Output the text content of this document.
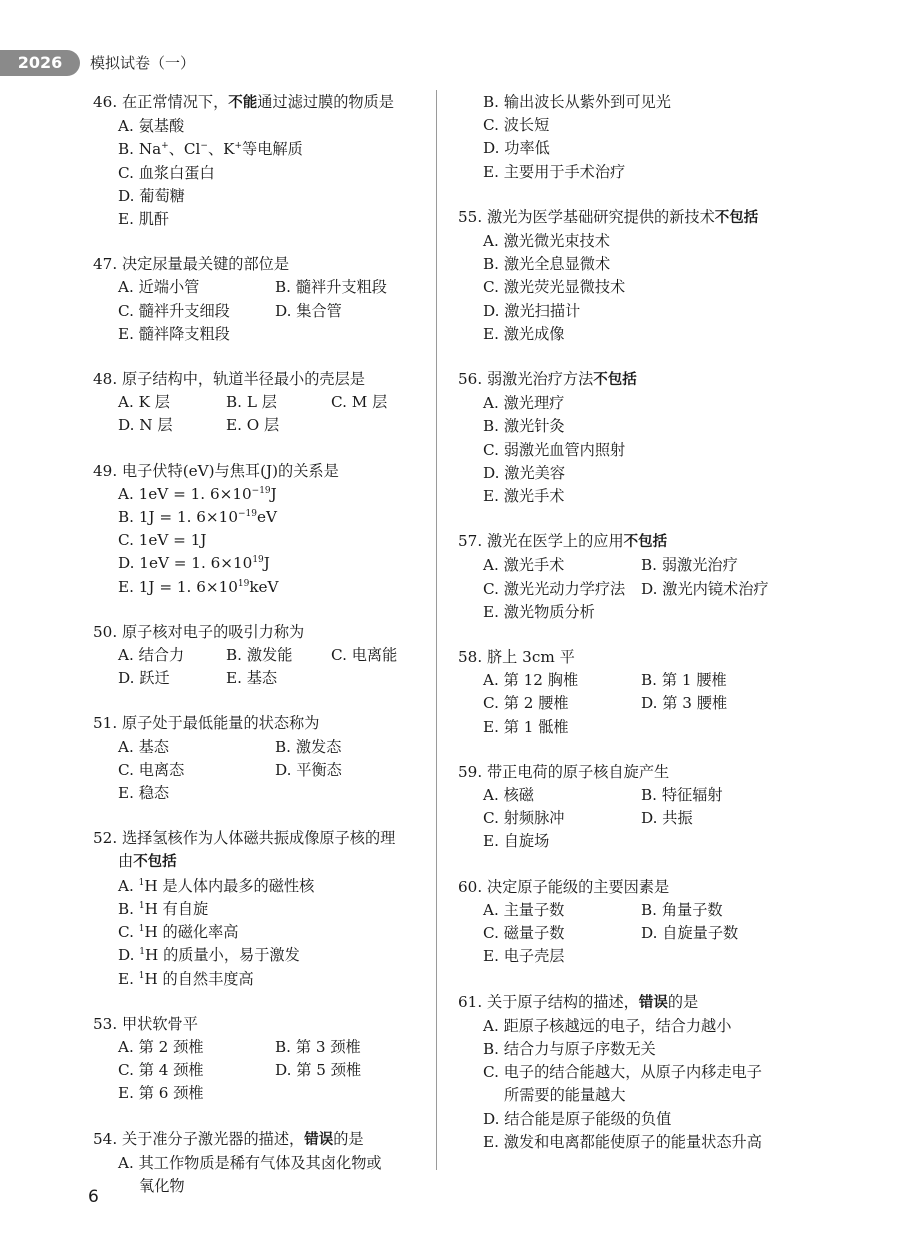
2026	模拟试卷（一）
46. 在正常情况下，不能通过滤过膜的物质是
A. 氨基酸
B. Na+、Cl−、K+等电解质
C. 血浆白蛋白
D. 葡萄糖
E. 肌酐
47. 决定尿量最关键的部位是

A. 近端小管	B. 髓袢升支粗段

C. 髓袢升支细段	D. 集合管
E. 髓袢降支粗段
48. 原子结构中，轨道半径最小的壳层是

A. K 层	B. L 层	C. M 层

D. N 层	E. O 层
49. 电子伏特(eV)与焦耳(J)的关系是
A. 1eV = 1. $6\times 10^{-19}J$
B. 1J = 1. $6\times 10^{-19}eV$
C. 1eV = 1J
D. 1eV = 1. $6\times 10^{19}J$
E. 1J = 1. $6\times 10^{19}keV$
50. 原子核对电子的吸引力称为

A. 结合力	B. 激发能	C. 电离能

D. 跃迁	E. 基态
51. 原子处于最低能量的状态称为

A. 基态	B. 激发态

C. 电离态	D. 平衡态
E. 稳态
52. 选择氢核作为人体磁共振成像原子核的理
由不包括
A. $^1$H 是人体内最多的磁性核
B. $^1$H 有自旋
C. $^1$H 的磁化率高
D. $^1$H 的质量小，易于激发
E. $^1$H 的自然丰度高
53. 甲状软骨平

A. 第 2 颈椎	B. 第 3 颈椎

C. 第 4 颈椎	D. 第 5 颈椎
E. 第 6 颈椎
54. 关于准分子激光器的描述，错误的是
A. 其工作物质是稀有气体及其卤化物或
氧化物
B. 输出波长从紫外到可见光
C. 波长短
D. 功率低
E. 主要用于手术治疗
55. 激光为医学基础研究提供的新技术不包括
A. 激光微光束技术
B. 激光全息显微术
C. 激光荧光显微技术
D. 激光扫描计
E. 激光成像
56. 弱激光治疗方法不包括
A. 激光理疗
B. 激光针灸
C. 弱激光血管内照射
D. 激光美容
E. 激光手术
57. 激光在医学上的应用不包括

A. 激光手术	B. 弱激光治疗

C. 激光光动力学疗法 D. 激光内镜术治疗
E. 激光物质分析
58. 脐上 3cm 平

A. 第 12 胸椎	B. 第 1 腰椎

C. 第 2 腰椎	D. 第 3 腰椎
E. 第 1 骶椎
59. 带正电荷的原子核自旋产生

A. 核磁	B. 特征辐射

C. 射频脉冲	D. 共振
E. 自旋场
60. 决定原子能级的主要因素是

A. 主量子数	B. 角量子数

C. 磁量子数	D. 自旋量子数
E. 电子壳层
61. 关于原子结构的描述，错误的是
A. 距原子核越远的电子，结合力越小
B. 结合力与原子序数无关
C. 电子的结合能越大，从原子内移走电子
所需要的能量越大
D. 结合能是原子能级的负值
E. 激发和电离都能使原子的能量状态升高
6
